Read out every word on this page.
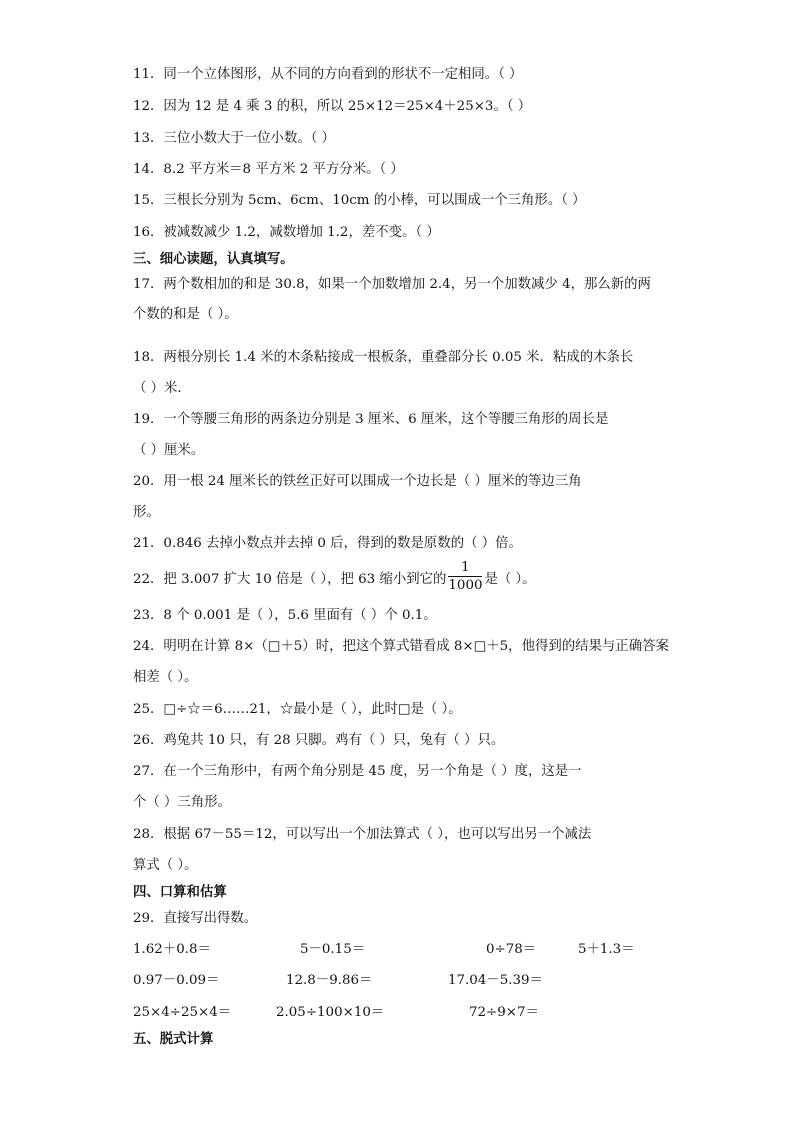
11．同一个立体图形，从不同的方向看到的形状不一定相同。（ ）
12．因为 12 是 4 乘 3 的积，所以 25×12＝25×4＋25×3。（ ）
13．三位小数大于一位小数。（ ）
14．8.2 平方米＝8 平方米 2 平方分米。（ ）
15．三根长分别为 5cm、6cm、10cm 的小棒，可以围成一个三角形。（ ）
16．被减数减少 1.2，减数增加 1.2，差不变。（ ）
三、细心读题，认真填写。
17．两个数相加的和是 30.8，如果一个加数增加 2.4，另一个加数减少 4，那么新的两
个数的和是（ ）。
18．两根分别长 1.4 米的木条粘接成一根板条，重叠部分长 0.05 米．粘成的木条长
（ ）米．
19．一个等腰三角形的两条边分别是 3 厘米、6 厘米，这个等腰三角形的周长是
（ ）厘米。
20．用一根 24 厘米长的铁丝正好可以围成一个边长是（ ）厘米的等边三角
形。
21．0.846 去掉小数点并去掉 0 后，得到的数是原数的（ ）倍。
22．把 3.007 扩大 10 倍是（ ），把 63 缩小到它的 $\frac{1}{1000}$ 是（ ）。
23．8 个 0.001 是（ ），5.6 里面有（ ）个 0.1。
24．明明在计算 8×（□＋5）时，把这个算式错看成 8×□＋5，他得到的结果与正确答案
相差（ ）。
25．□÷☆＝6……21，☆最小是（ ），此时□是（ ）。
26．鸡兔共 10 只，有 28 只脚。鸡有（ ）只，兔有（ ）只。
27．在一个三角形中，有两个角分别是 45 度，另一个角是（ ）度，这是一
个（ ）三角形。
28．根据 67－55＝12，可以写出一个加法算式（ ），也可以写出另一个减法
算式（ ）。
四、口算和估算
29．直接写出得数。
1.62＋0.8＝	5－0.15＝	0÷78＝	5＋1.3＝
0.97－0.09＝	12.8－9.86＝	17.04－5.39＝
25×4÷25×4＝	2.05÷100×10＝	72÷9×7＝
五、脱式计算
